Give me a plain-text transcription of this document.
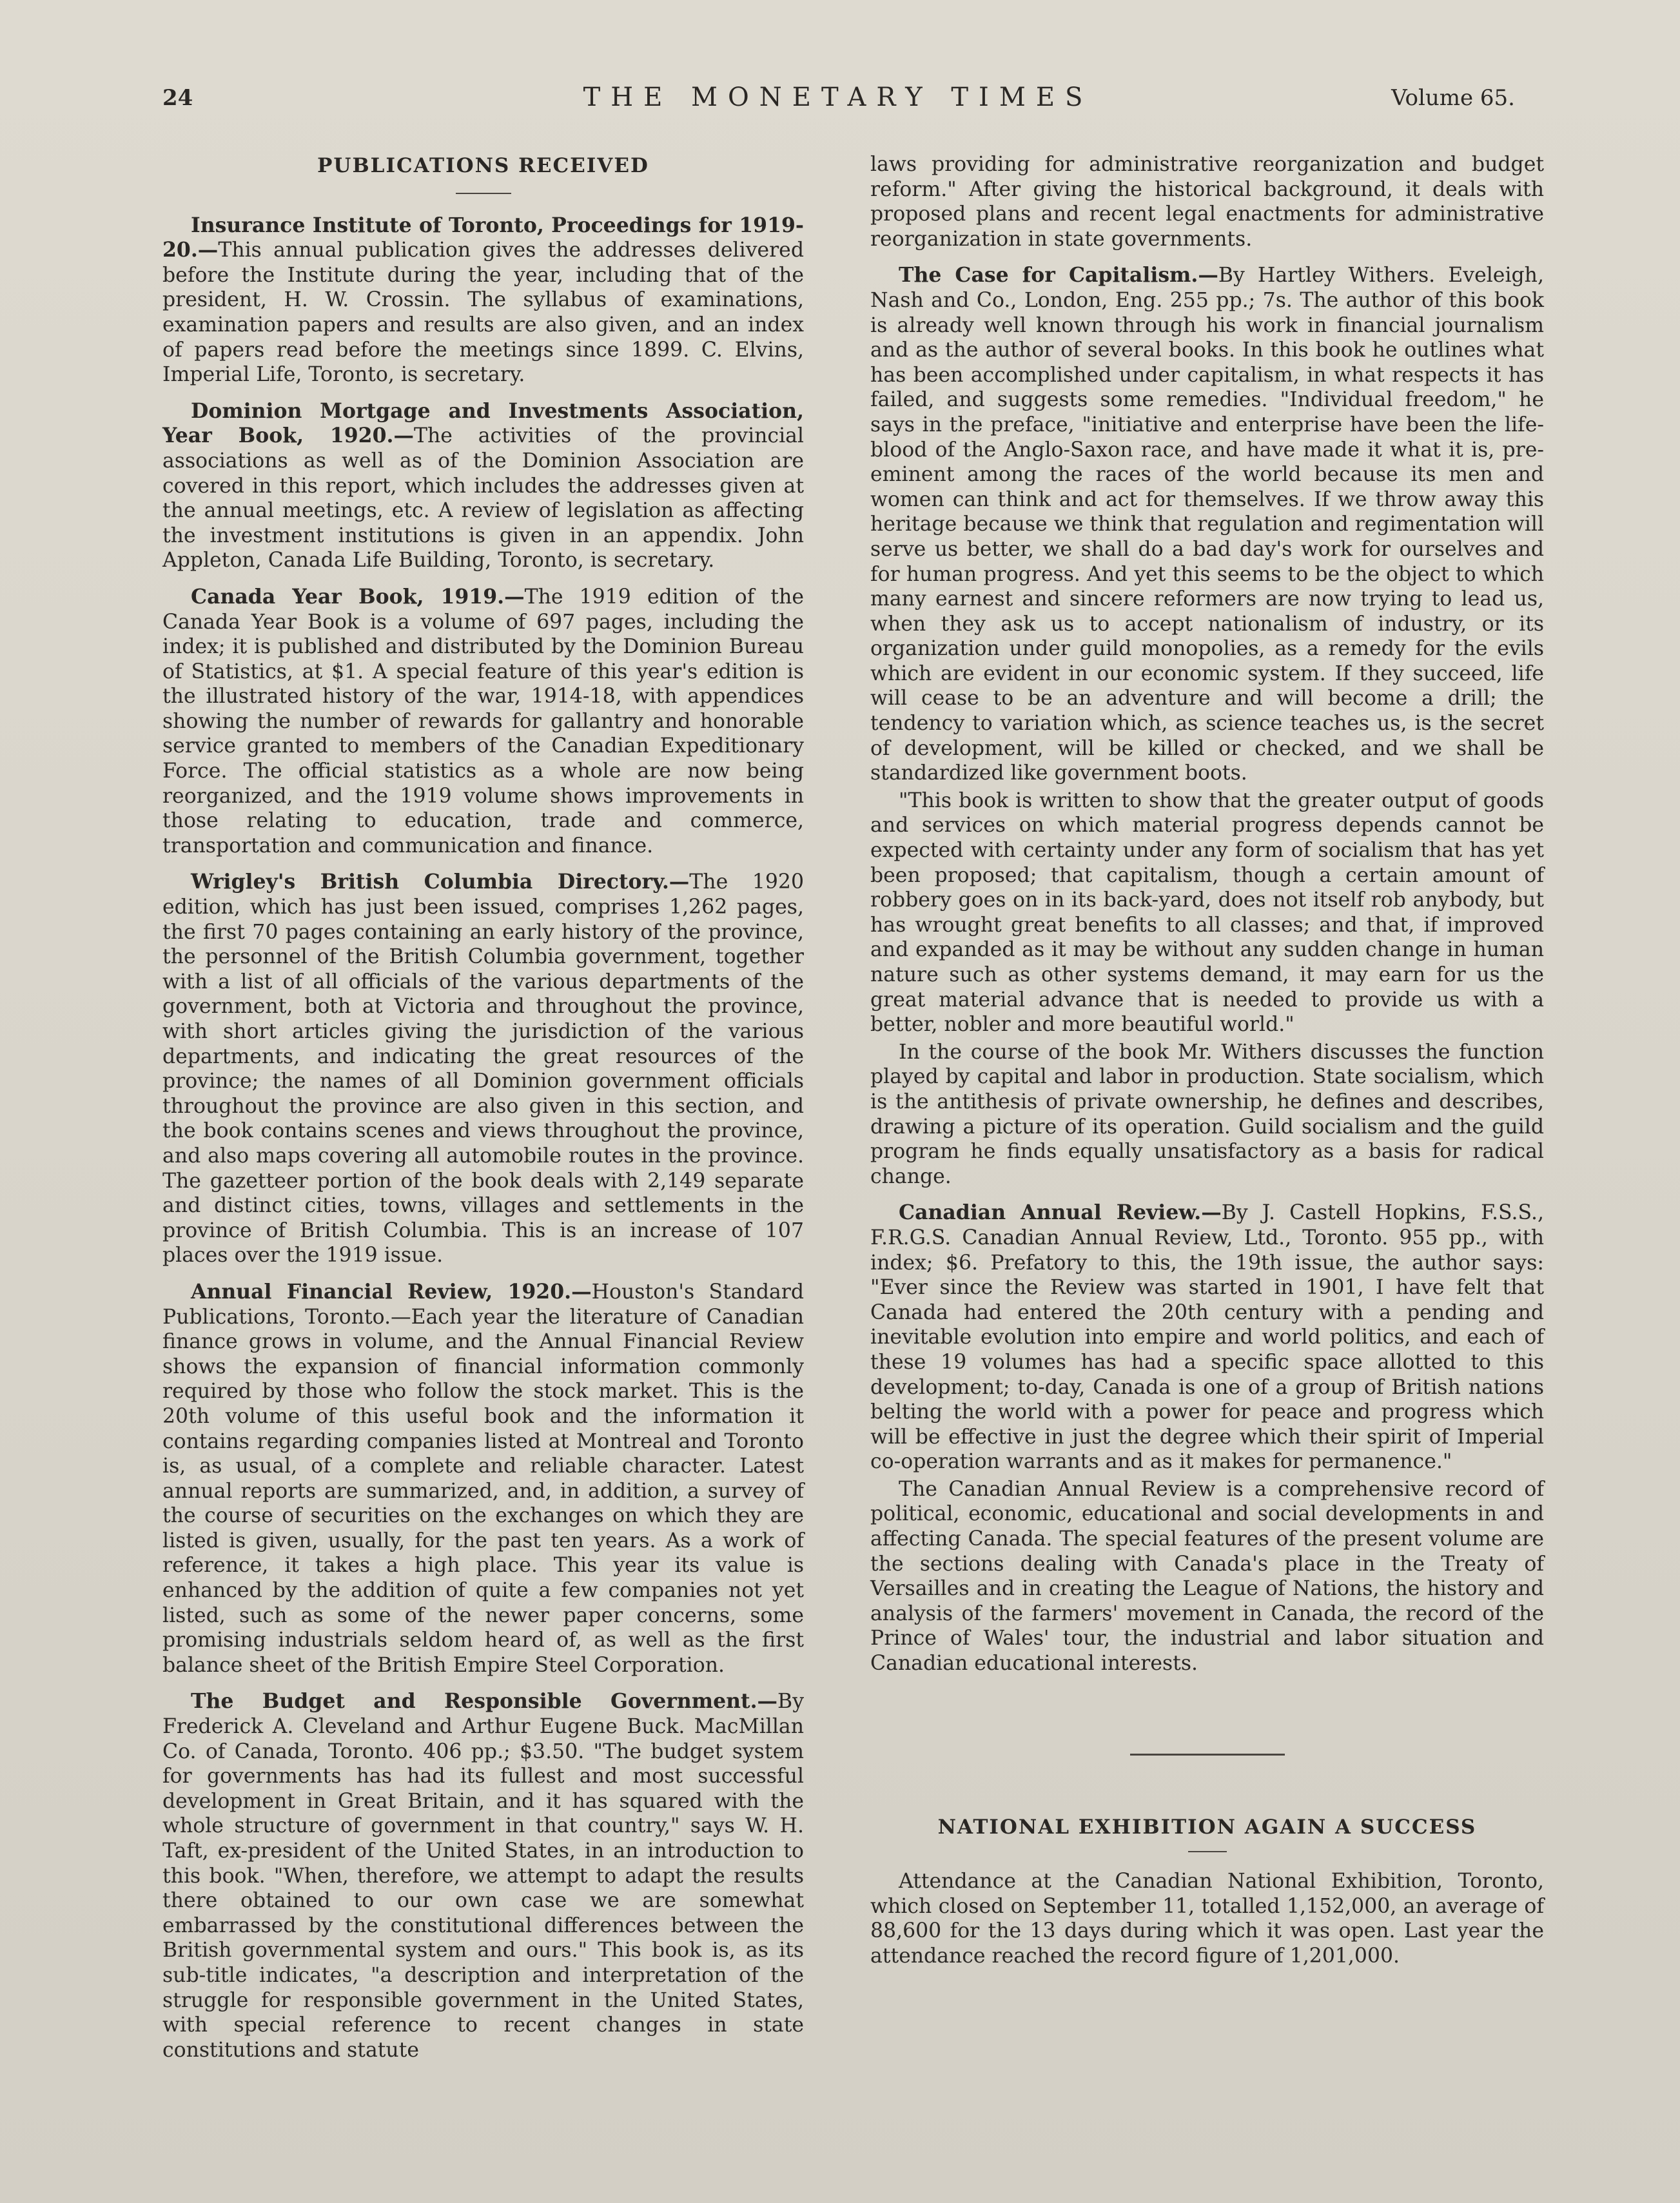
24	THE MONETARY TIMES	Volume 65.
PUBLICATIONS RECEIVED

Insurance Institute of Toronto, Proceedings for 1919-20.—This annual publication gives the addresses delivered before the Institute during the year, including that of the president, H. W. Crossin. The syllabus of examinations, examination papers and results are also given, and an index of papers read before the meetings since 1899. C. Elvins, Imperial Life, Toronto, is secretary.

Dominion Mortgage and Investments Association, Year Book, 1920.—The activities of the provincial associations as well as of the Dominion Association are covered in this report, which includes the addresses given at the annual meetings, etc. A review of legislation as affecting the investment institutions is given in an appendix. John Appleton, Canada Life Building, Toronto, is secretary.

Canada Year Book, 1919.—The 1919 edition of the Canada Year Book is a volume of 697 pages, including the index; it is published and distributed by the Dominion Bureau of Statistics, at $1. A special feature of this year's edition is the illustrated history of the war, 1914-18, with appendices showing the number of rewards for gallantry and honorable service granted to members of the Canadian Expeditionary Force. The official statistics as a whole are now being reorganized, and the 1919 volume shows improvements in those relating to education, trade and commerce, transportation and communication and finance.

Wrigley's British Columbia Directory.—The 1920 edition, which has just been issued, comprises 1,262 pages, the first 70 pages containing an early history of the province, the personnel of the British Columbia government, together with a list of all officials of the various departments of the government, both at Victoria and throughout the province, with short articles giving the jurisdiction of the various departments, and indicating the great resources of the province; the names of all Dominion government officials throughout the province are also given in this section, and the book contains scenes and views throughout the province, and also maps covering all automobile routes in the province. The gazetteer portion of the book deals with 2,149 separate and distinct cities, towns, villages and settlements in the province of British Columbia. This is an increase of 107 places over the 1919 issue.

Annual Financial Review, 1920.—Houston's Standard Publications, Toronto.—Each year the literature of Canadian finance grows in volume, and the Annual Financial Review shows the expansion of financial information commonly required by those who follow the stock market. This is the 20th volume of this useful book and the information it contains regarding companies listed at Montreal and Toronto is, as usual, of a complete and reliable character. Latest annual reports are summarized, and, in addition, a survey of the course of securities on the exchanges on which they are listed is given, usually, for the past ten years. As a work of reference, it takes a high place. This year its value is enhanced by the addition of quite a few companies not yet listed, such as some of the newer paper concerns, some promising industrials seldom heard of, as well as the first balance sheet of the British Empire Steel Corporation.

The Budget and Responsible Government.—By Frederick A. Cleveland and Arthur Eugene Buck. MacMillan Co. of Canada, Toronto. 406 pp.; $3.50. "The budget system for governments has had its fullest and most successful development in Great Britain, and it has squared with the whole structure of government in that country," says W. H. Taft, ex-president of the United States, in an introduction to this book. "When, therefore, we attempt to adapt the results there obtained to our own case we are somewhat embarrassed by the constitutional differences between the British governmental system and ours." This book is, as its sub-title indicates, "a description and interpretation of the struggle for responsible government in the United States, with special reference to recent changes in state constitutions and statute

laws providing for administrative reorganization and budget reform." After giving the historical background, it deals with proposed plans and recent legal enactments for administrative reorganization in state governments.

The Case for Capitalism.—By Hartley Withers. Eveleigh, Nash and Co., London, Eng. 255 pp.; 7s. The author of this book is already well known through his work in financial journalism and as the author of several books. In this book he outlines what has been accomplished under capitalism, in what respects it has failed, and suggests some remedies. "Individual freedom," he says in the preface, "initiative and enterprise have been the life-blood of the Anglo-Saxon race, and have made it what it is, pre-eminent among the races of the world because its men and women can think and act for themselves. If we throw away this heritage because we think that regulation and regimentation will serve us better, we shall do a bad day's work for ourselves and for human progress. And yet this seems to be the object to which many earnest and sincere reformers are now trying to lead us, when they ask us to accept nationalism of industry, or its organization under guild monopolies, as a remedy for the evils which are evident in our economic system. If they succeed, life will cease to be an adventure and will become a drill; the tendency to variation which, as science teaches us, is the secret of development, will be killed or checked, and we shall be standardized like government boots.

"This book is written to show that the greater output of goods and services on which material progress depends cannot be expected with certainty under any form of socialism that has yet been proposed; that capitalism, though a certain amount of robbery goes on in its back-yard, does not itself rob anybody, but has wrought great benefits to all classes; and that, if improved and expanded as it may be without any sudden change in human nature such as other systems demand, it may earn for us the great material advance that is needed to provide us with a better, nobler and more beautiful world."

In the course of the book Mr. Withers discusses the function played by capital and labor in production. State socialism, which is the antithesis of private ownership, he defines and describes, drawing a picture of its operation. Guild socialism and the guild program he finds equally unsatisfactory as a basis for radical change.

Canadian Annual Review.—By J. Castell Hopkins, F.S.S., F.R.G.S. Canadian Annual Review, Ltd., Toronto. 955 pp., with index; $6. Prefatory to this, the 19th issue, the author says: "Ever since the Review was started in 1901, I have felt that Canada had entered the 20th century with a pending and inevitable evolution into empire and world politics, and each of these 19 volumes has had a specific space allotted to this development; to-day, Canada is one of a group of British nations belting the world with a power for peace and progress which will be effective in just the degree which their spirit of Imperial co-operation warrants and as it makes for permanence."

The Canadian Annual Review is a comprehensive record of political, economic, educational and social developments in and affecting Canada. The special features of the present volume are the sections dealing with Canada's place in the Treaty of Versailles and in creating the League of Nations, the history and analysis of the farmers' movement in Canada, the record of the Prince of Wales' tour, the industrial and labor situation and Canadian educational interests.

NATIONAL EXHIBITION AGAIN A SUCCESS

Attendance at the Canadian National Exhibition, Toronto, which closed on September 11, totalled 1,152,000, an average of 88,600 for the 13 days during which it was open. Last year the attendance reached the record figure of 1,201,000.
